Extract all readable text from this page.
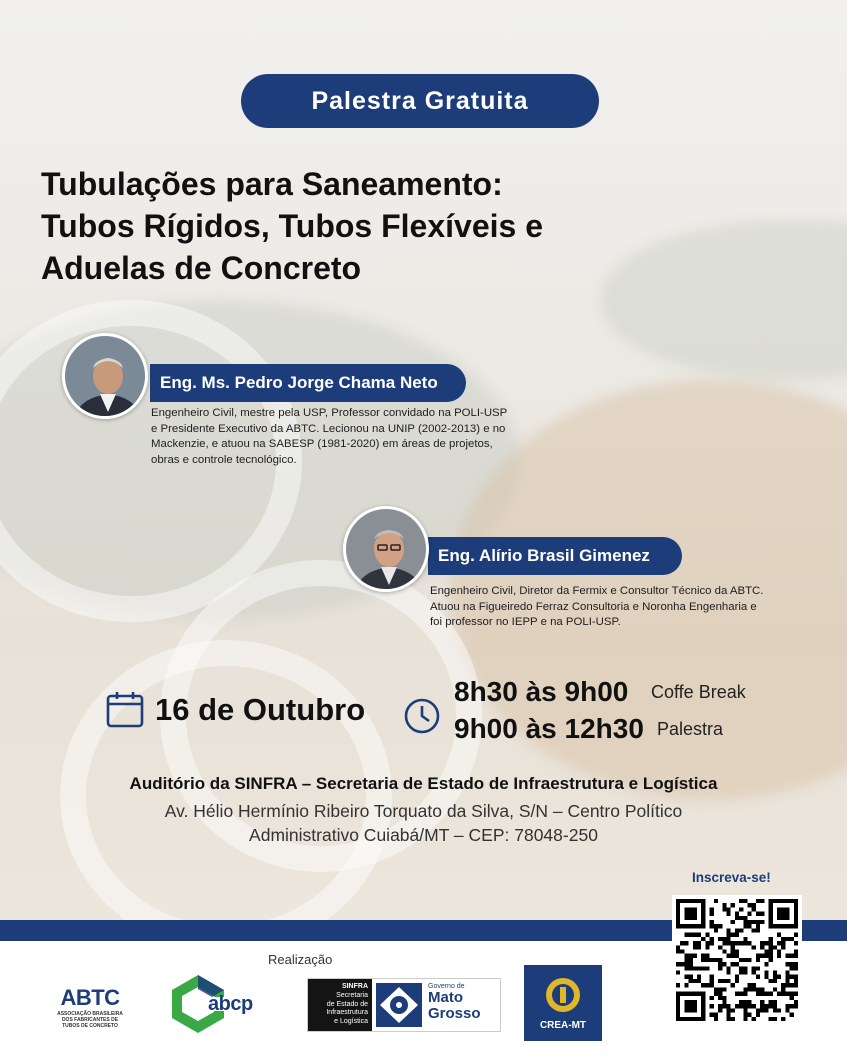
Palestra Gratuita
Tubulações para Saneamento:
Tubos Rígidos, Tubos Flexíveis e
Aduelas de Concreto
Eng. Ms. Pedro Jorge Chama Neto

Engenheiro Civil, mestre pela USP, Professor convidado na POLI-USP
e Presidente Executivo da ABTC. Lecionou na UNIP (2002-2013) e no
Mackenzie, e atuou na SABESP (1981-2020) em áreas de projetos,
obras e controle tecnológico.

Eng. Alírio Brasil Gimenez

Engenheiro Civil, Diretor da Fermix e Consultor Técnico da ABTC.
Atuou na Figueiredo Ferraz Consultoria e Noronha Engenharia e
foi professor no IEPP e na POLI-USP.

16 de Outubro
8h30 às 9h00 Coffe Break
9h00 às 12h30 Palestra
Auditório da SINFRA – Secretaria de Estado de Infraestrutura e Logística
Av. Hélio Hermínio Ribeiro Torquato da Silva, S/N – Centro Político
Administrativo Cuiabá/MT – CEP: 78048-250
Inscreva-se!
Realização
ABTC
ASSOCIAÇÃO BRASILEIRA
DOS FABRICANTES DE
TUBOS DE CONCRETO
abcp
SINFRA
Secretaria
de Estado de
Infraestrutura
e Logística
Governo de
Mato
Grosso
CREA-MT
